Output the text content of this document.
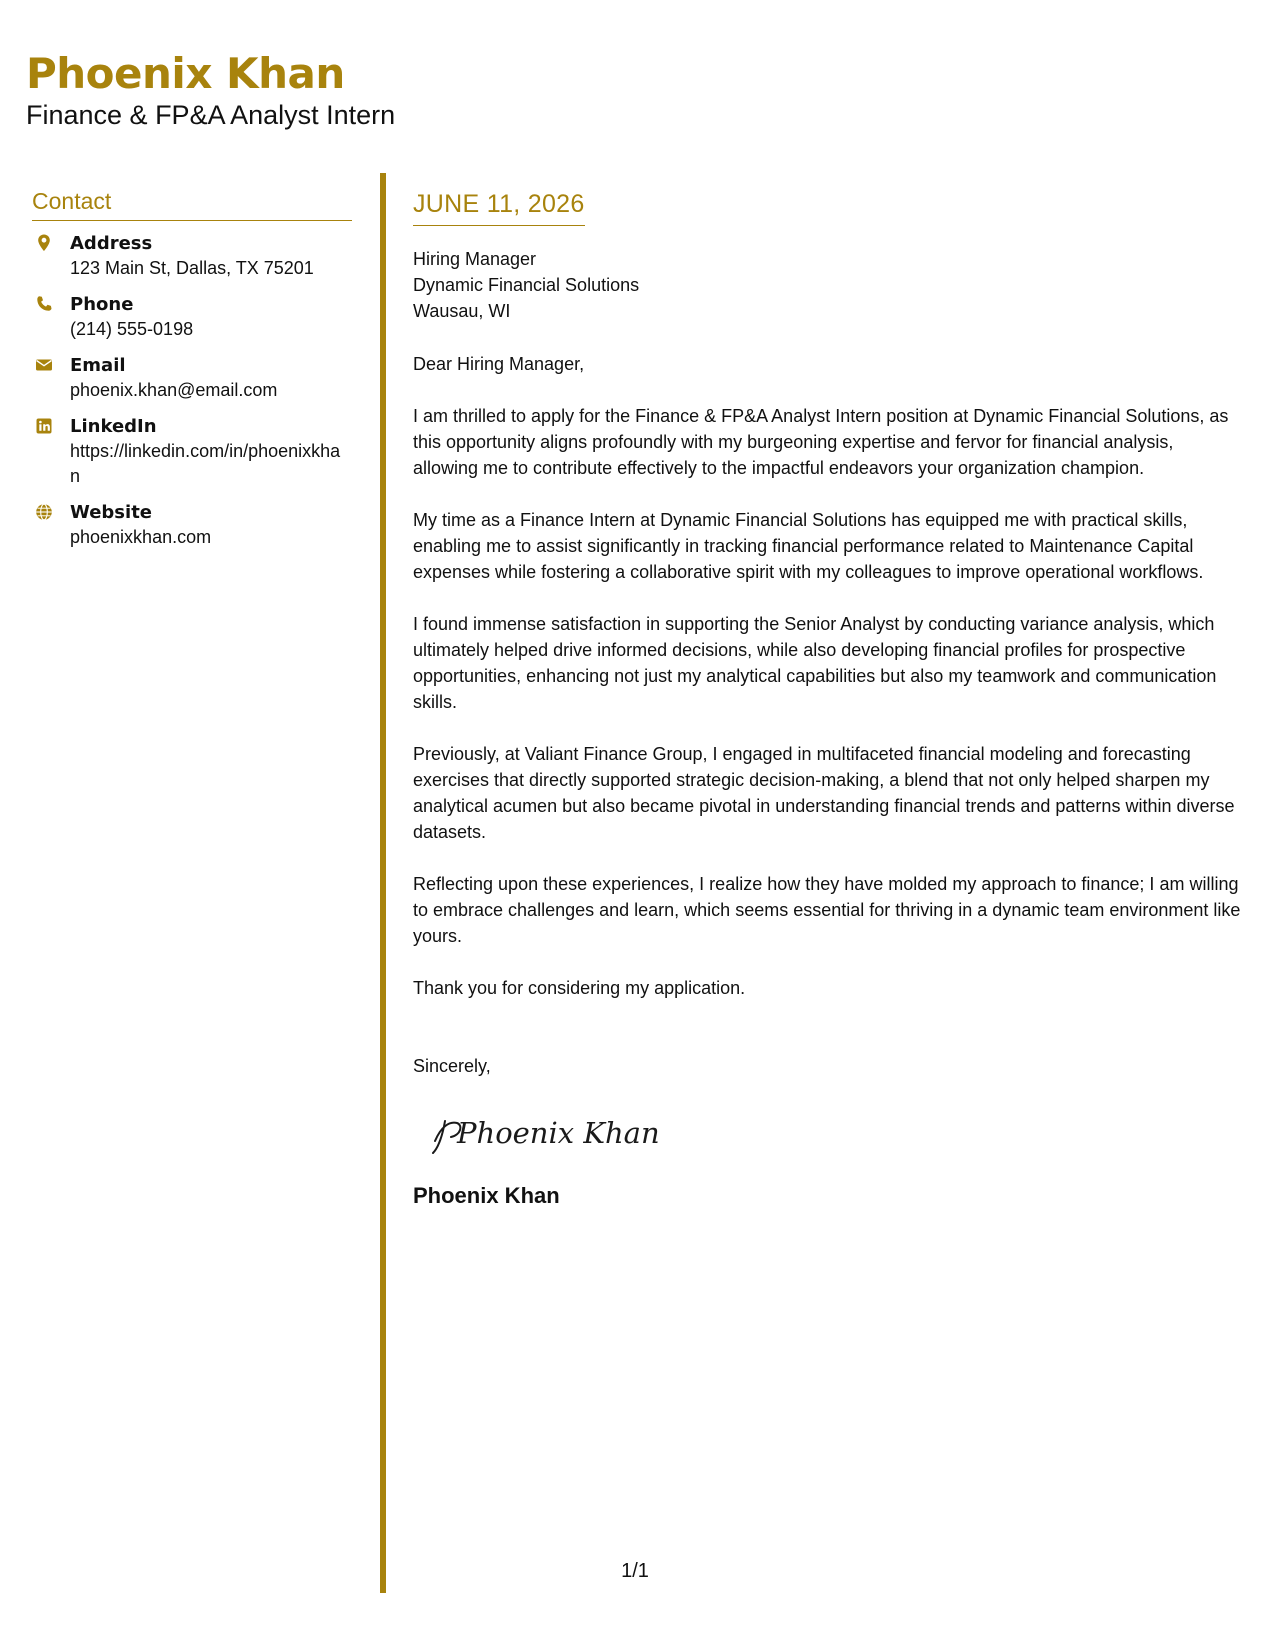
Phoenix Khan
Finance & FP&A Analyst Intern
Contact
Address
123 Main St, Dallas, TX 75201
Phone
(214) 555-0198
Email
phoenix.khan@email.com
LinkedIn
https://linkedin.com/in/phoenixkhan
Website
phoenixkhan.com
JUNE 11, 2026
Hiring Manager
Dynamic Financial Solutions
Wausau, WI
Dear Hiring Manager,
I am thrilled to apply for the Finance & FP&A Analyst Intern position at Dynamic Financial Solutions, as this opportunity aligns profoundly with my burgeoning expertise and fervor for financial analysis, allowing me to contribute effectively to the impactful endeavors your organization champion.
My time as a Finance Intern at Dynamic Financial Solutions has equipped me with practical skills, enabling me to assist significantly in tracking financial performance related to Maintenance Capital expenses while fostering a collaborative spirit with my colleagues to improve operational workflows.
I found immense satisfaction in supporting the Senior Analyst by conducting variance analysis, which ultimately helped drive informed decisions, while also developing financial profiles for prospective opportunities, enhancing not just my analytical capabilities but also my teamwork and communication skills.
Previously, at Valiant Finance Group, I engaged in multifaceted financial modeling and forecasting exercises that directly supported strategic decision-making, a blend that not only helped sharpen my analytical acumen but also became pivotal in understanding financial trends and patterns within diverse datasets.
Reflecting upon these experiences, I realize how they have molded my approach to finance; I am willing to embrace challenges and learn, which seems essential for thriving in a dynamic team environment like yours.
Thank you for considering my application.
Sincerely,
Phoenix Khan
Phoenix Khan
1/1
